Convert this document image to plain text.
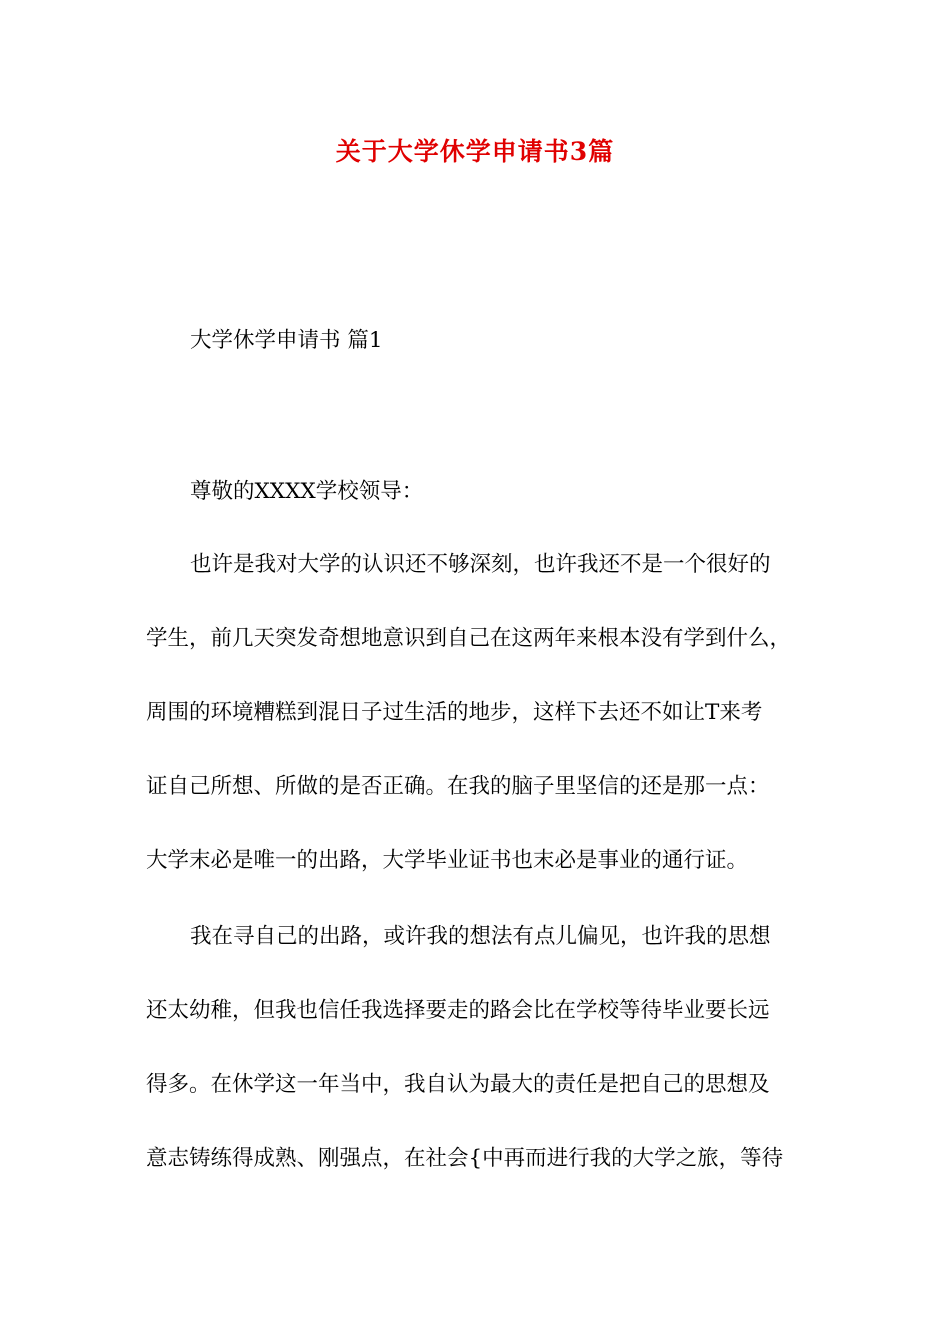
关于大学休学申请书3篇
大学休学申请书 篇1
尊敬的XXXX学校领导：
也许是我对大学的认识还不够深刻，也许我还不是一个很好的
学生，前几天突发奇想地意识到自己在这两年来根本没有学到什么，
周围的环境糟糕到混日子过生活的地步，这样下去还不如让T来考
证自己所想、所做的是否正确。在我的脑子里坚信的还是那一点：
大学末必是唯一的出路，大学毕业证书也末必是事业的通行证。
我在寻自己的出路，或许我的想法有点儿偏见，也许我的思想
还太幼稚，但我也信任我选择要走的路会比在学校等待毕业要长远
得多。在休学这一年当中，我自认为最大的责任是把自己的思想及
意志铸练得成熟、刚强点，在社会{中再而进行我的大学之旅，等待
